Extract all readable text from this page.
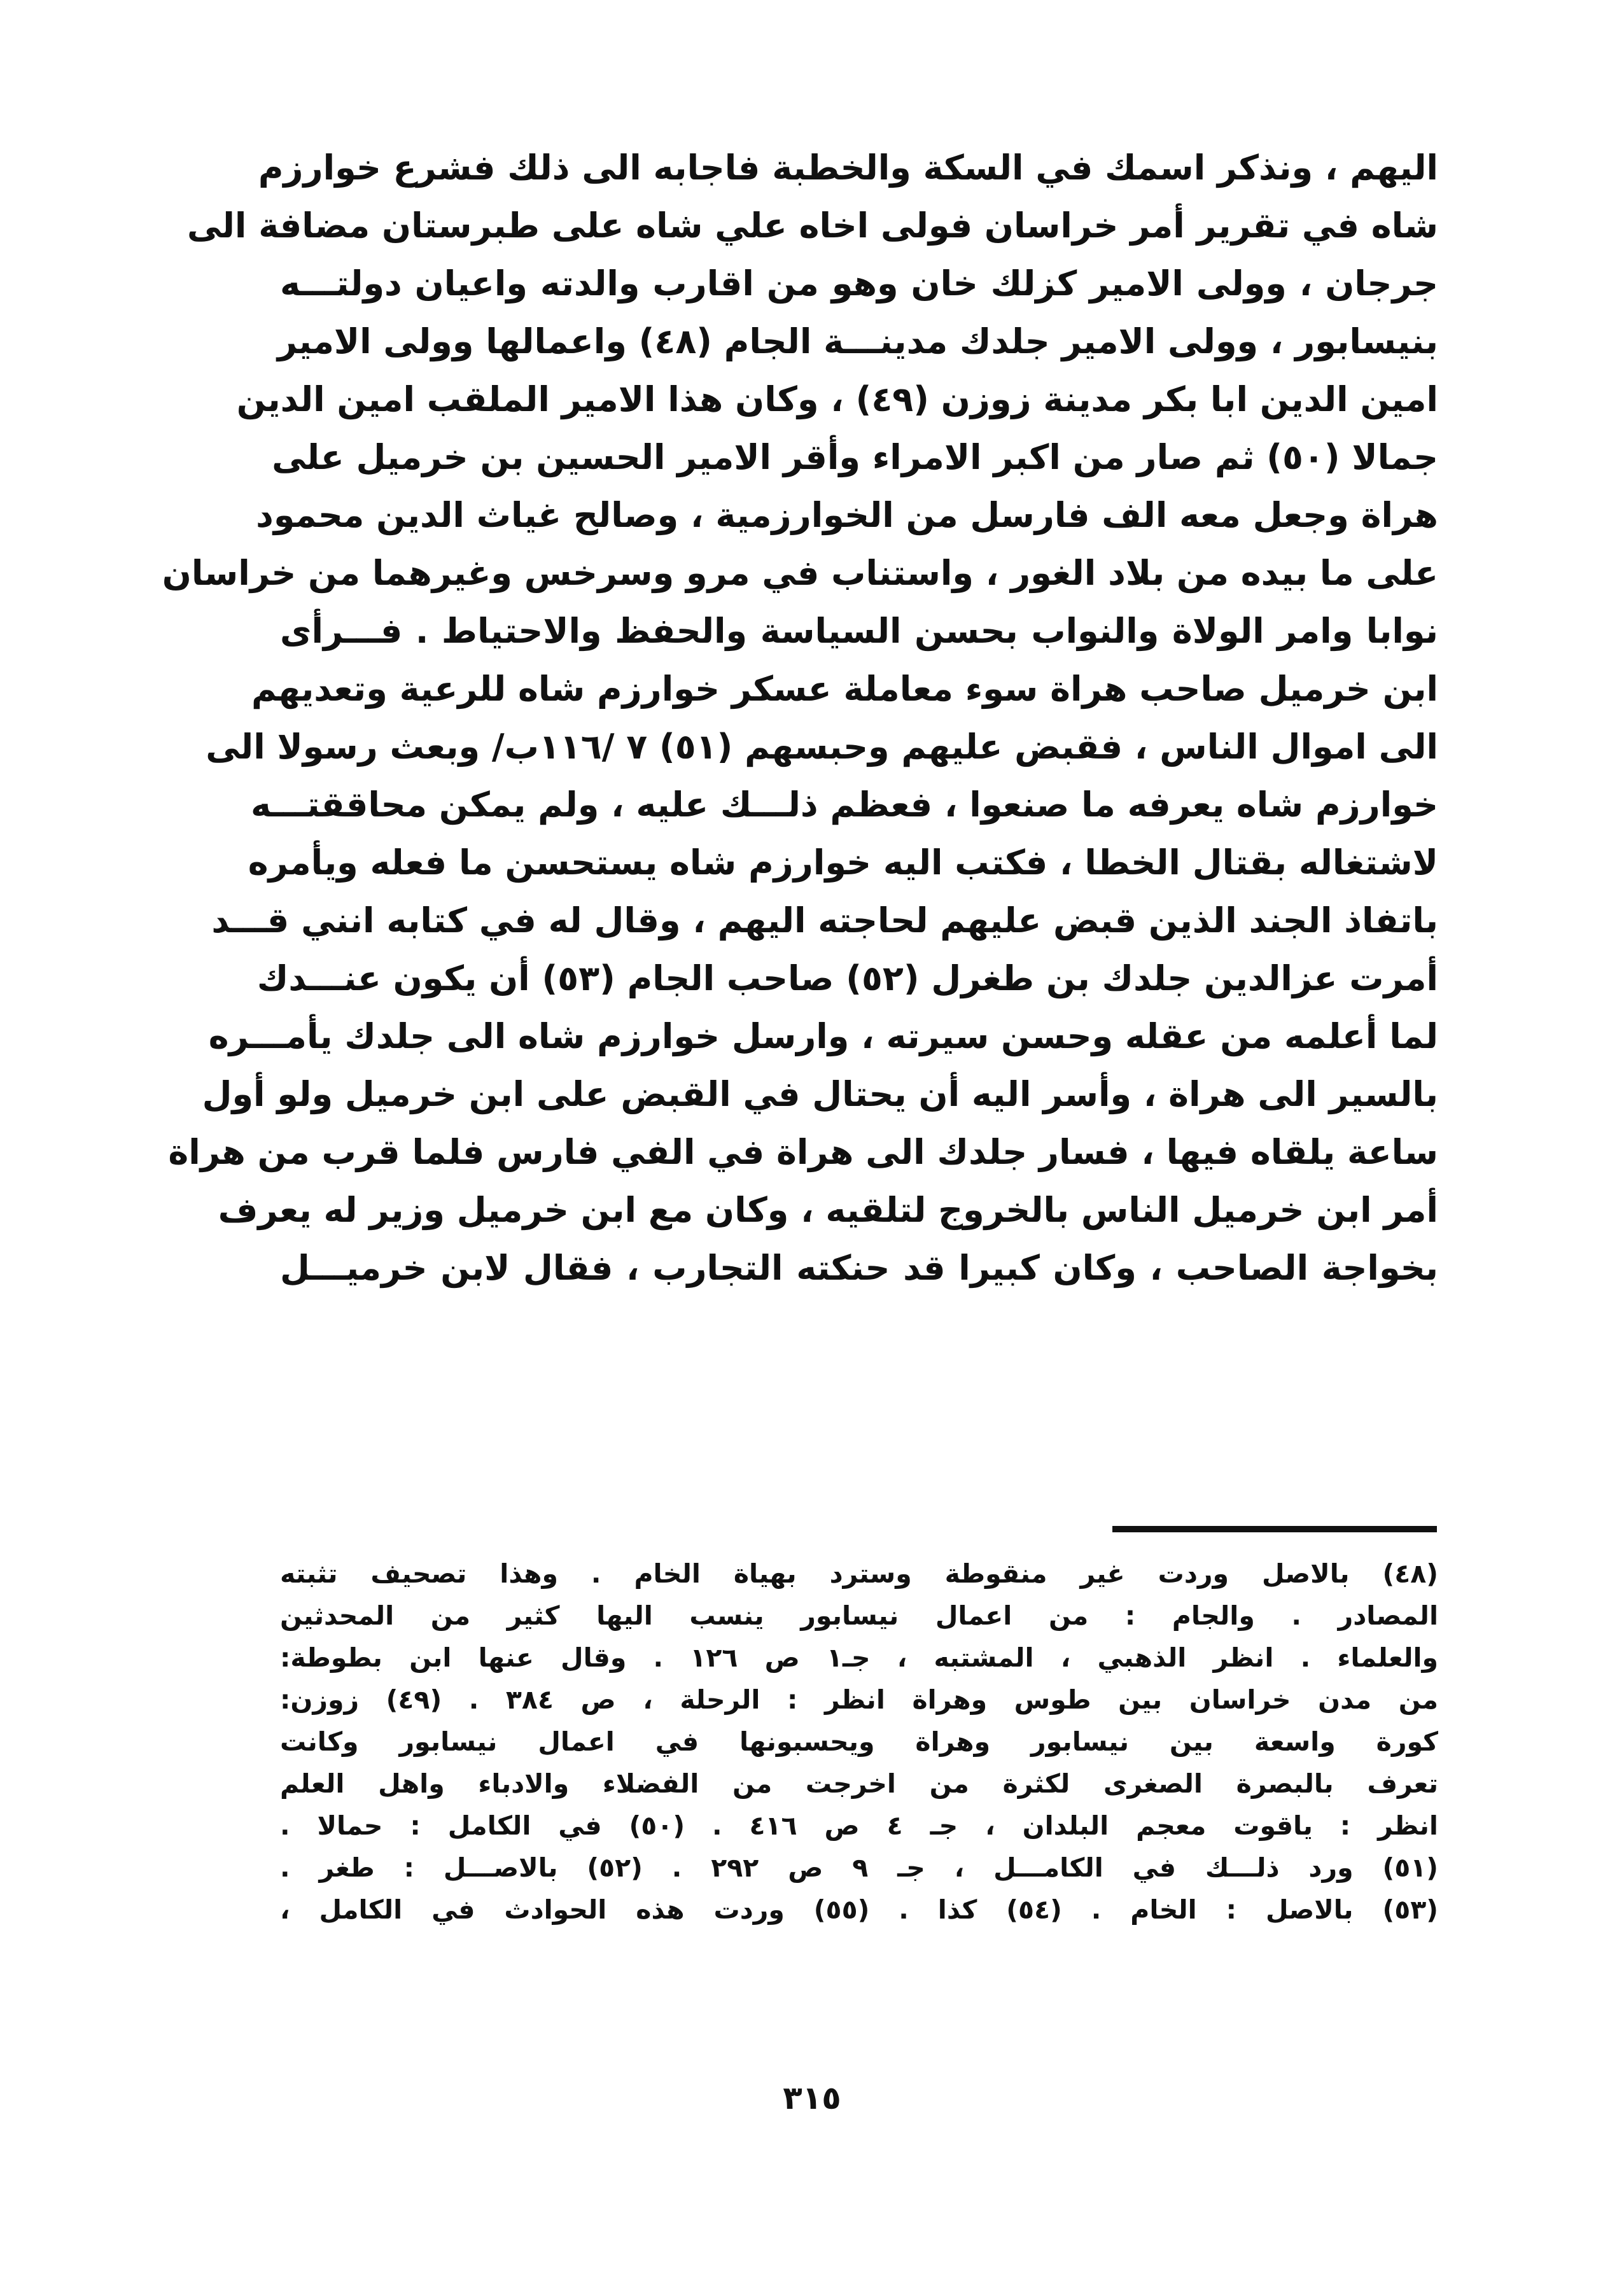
اليهم ، ونذكر اسمك في السكة والخطبة فاجابه الى ذلك فشرع خوارزم
شاه في تقرير أمر خراسان فولى اخاه علي شاه على طبرستان مضافة الى
جرجان ، وولى الامير كزلك خان وهو من اقارب والدته واعيان دولتـــه
بنيسابور ، وولى الامير جلدك مدينـــة الجام (٤٨) واعمالها وولى الامير
امين الدين ابا بكر مدينة زوزن (٤٩) ، وكان هذا الامير الملقب امين الدين
جمالا (٥٠) ثم صار من اكبر الامراء وأقر الامير الحسين بن خرميل على
هراة وجعل معه الف فارسل من الخوارزمية ، وصالح غياث الدين محمود
على ما بيده من بلاد الغور ، واستناب في مرو وسرخس وغيرهما من خراسان
نوابا وامر الولاة والنواب بحسن السياسة والحفظ والاحتياط . فـــرأى
ابن خرميل صاحب هراة سوء معاملة عسكر خوارزم شاه للرعية وتعديهم
الى اموال الناس ، فقبض عليهم وحبسهم (٥١) ٧ /١١٦ب/ وبعث رسولا الى
خوارزم شاه يعرفه ما صنعوا ، فعظم ذلـــك عليه ، ولم يمكن محاققتـــه
لاشتغاله بقتال الخطا ، فكتب اليه خوارزم شاه يستحسن ما فعله ويأمره
باتفاذ الجند الذين قبض عليهم لحاجته اليهم ، وقال له في كتابه انني قـــد
أمرت عزالدين جلدك بن طغرل (٥٢) صاحب الجام (٥٣) أن يكون عنـــدك
لما أعلمه من عقله وحسن سيرته ، وارسل خوارزم شاه الى جلدك يأمـــره
بالسير الى هراة ، وأسر اليه أن يحتال في القبض على ابن خرميل ولو أول
ساعة يلقاه فيها ، فسار جلدك الى هراة في الفي فارس فلما قرب من هراة
أمر ابن خرميل الناس بالخروج لتلقيه ، وكان مع ابن خرميل وزير له يعرف
بخواجة الصاحب ، وكان كبيرا قد حنكته التجارب ، فقال لابن خرميـــل
(٤٨) بالاصل وردت غير منقوطة وسترد بهياة الخام . وهذا تصحيف تثبته
المصادر . والجام : من اعمال نيسابور ينسب اليها كثير من المحدثين
والعلماء . انظر الذهبي ، المشتبه ، جـ١ ص ١٢٦ . وقال عنها ابن بطوطة:
من مدن خراسان بين طوس وهراة انظر : الرحلة ، ص ٣٨٤ . (٤٩) زوزن:
كورة واسعة بين نيسابور وهراة ويحسبونها في اعمال نيسابور وكانت
تعرف بالبصرة الصغرى لكثرة من اخرجت من الفضلاء والادباء واهل العلم
انظر : ياقوت معجم البلدان ، جـ ٤ ص ٤١٦ . (٥٠) في الكامل : حمالا .
(٥١) ورد ذلـــك في الكامـــل ، جـ ٩ ص ٢٩٢ . (٥٢) بالاصـــل : طغر .
(٥٣) بالاصل : الخام . (٥٤) كذا . (٥٥) وردت هذه الحوادث في الكامل ،
٣١٥
